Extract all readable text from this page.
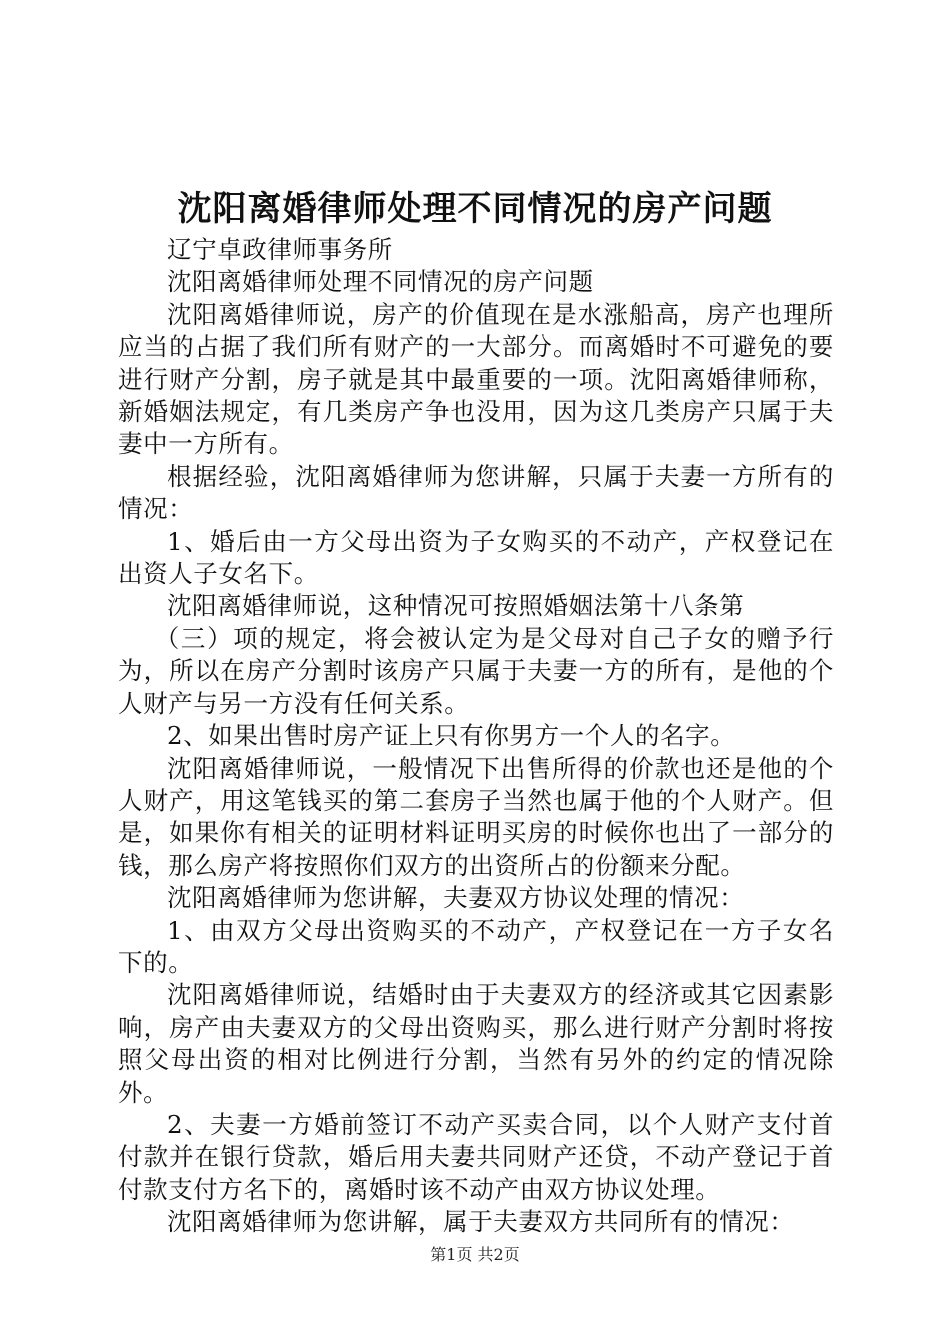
沈阳离婚律师处理不同情况的房产问题

辽宁卓政律师事务所

沈阳离婚律师处理不同情况的房产问题

沈阳离婚律师说，房产的价值现在是水涨船高，房产也理所应当的占据了我们所有财产的一大部分。而离婚时不可避免的要进行财产分割，房子就是其中最重要的一项。沈阳离婚律师称，新婚姻法规定，有几类房产争也没用，因为这几类房产只属于夫妻中一方所有。

根据经验，沈阳离婚律师为您讲解，只属于夫妻一方所有的情况：

1、婚后由一方父母出资为子女购买的不动产，产权登记在出资人子女名下。

沈阳离婚律师说，这种情况可按照婚姻法第十八条第

（三）项的规定，将会被认定为是父母对自己子女的赠予行为，所以在房产分割时该房产只属于夫妻一方的所有，是他的个人财产与另一方没有任何关系。

2、如果出售时房产证上只有你男方一个人的名字。

沈阳离婚律师说，一般情况下出售所得的价款也还是他的个人财产，用这笔钱买的第二套房子当然也属于他的个人财产。但是，如果你有相关的证明材料证明买房的时候你也出了一部分的钱，那么房产将按照你们双方的出资所占的份额来分配。

沈阳离婚律师为您讲解，夫妻双方协议处理的情况：

1、由双方父母出资购买的不动产，产权登记在一方子女名下的。

沈阳离婚律师说，结婚时由于夫妻双方的经济或其它因素影响，房产由夫妻双方的父母出资购买，那么进行财产分割时将按照父母出资的相对比例进行分割，当然有另外的约定的情况除外。

2、夫妻一方婚前签订不动产买卖合同，以个人财产支付首付款并在银行贷款，婚后用夫妻共同财产还贷，不动产登记于首付款支付方名下的，离婚时该不动产由双方协议处理。

沈阳离婚律师为您讲解，属于夫妻双方共同所有的情况：

第1页 共2页
